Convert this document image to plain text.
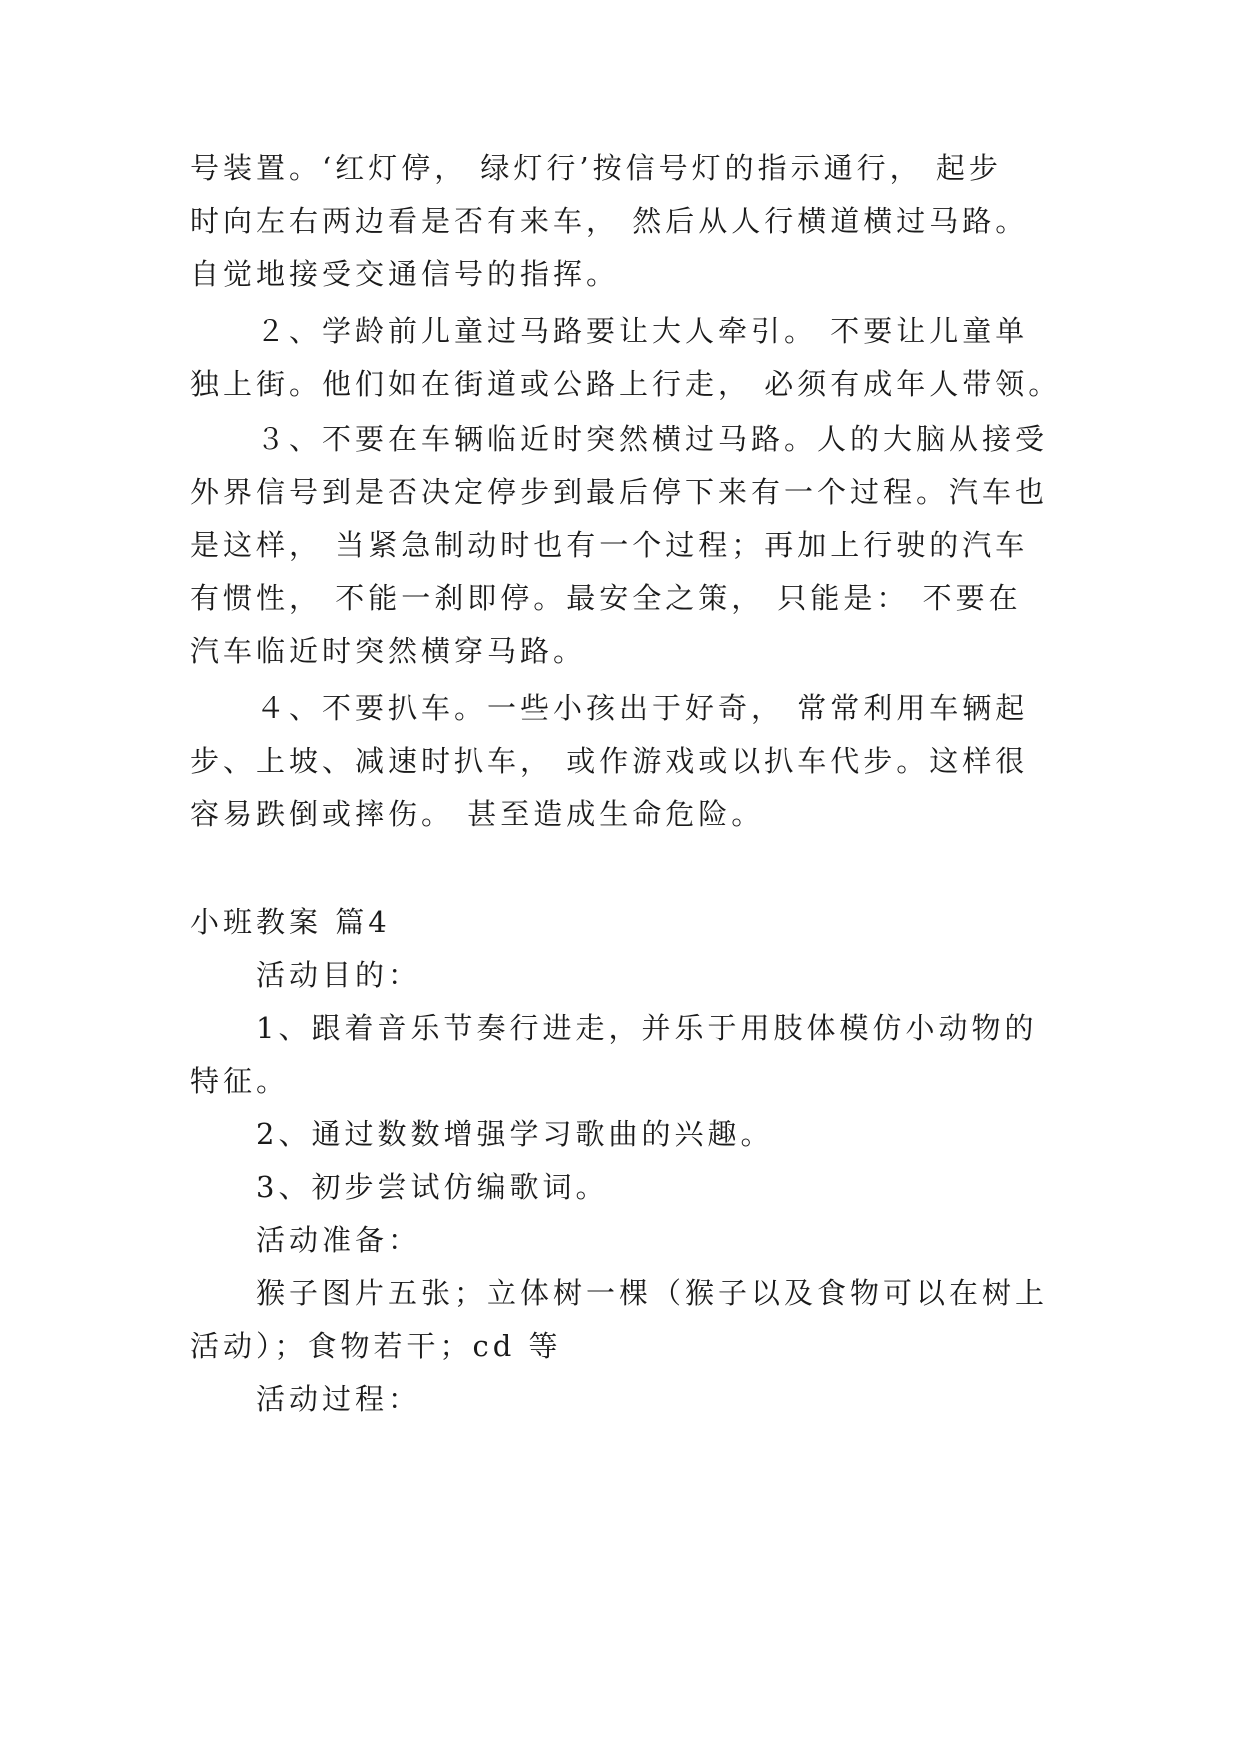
号装置。‘红灯停， 绿灯行’按信号灯的指示通行， 起步
时向左右两边看是否有来车， 然后从人行横道横过马路。
自觉地接受交通信号的指挥。
２、学龄前儿童过马路要让大人牵引。 不要让儿童单
独上街。他们如在街道或公路上行走， 必须有成年人带领。
３、不要在车辆临近时突然横过马路。人的大脑从接受
外界信号到是否决定停步到最后停下来有一个过程。汽车也
是这样， 当紧急制动时也有一个过程；再加上行驶的汽车
有惯性， 不能一刹即停。最安全之策， 只能是： 不要在
汽车临近时突然横穿马路。
４、不要扒车。一些小孩出于好奇， 常常利用车辆起
步、上坡、减速时扒车， 或作游戏或以扒车代步。这样很
容易跌倒或摔伤。 甚至造成生命危险。
小班教案 篇4
活动目的：
1、跟着音乐节奏行进走，并乐于用肢体模仿小动物的
特征。
2、通过数数增强学习歌曲的兴趣。
3、初步尝试仿编歌词。
活动准备：
猴子图片五张；立体树一棵（猴子以及食物可以在树上
活动）；食物若干；cd 等
活动过程：
